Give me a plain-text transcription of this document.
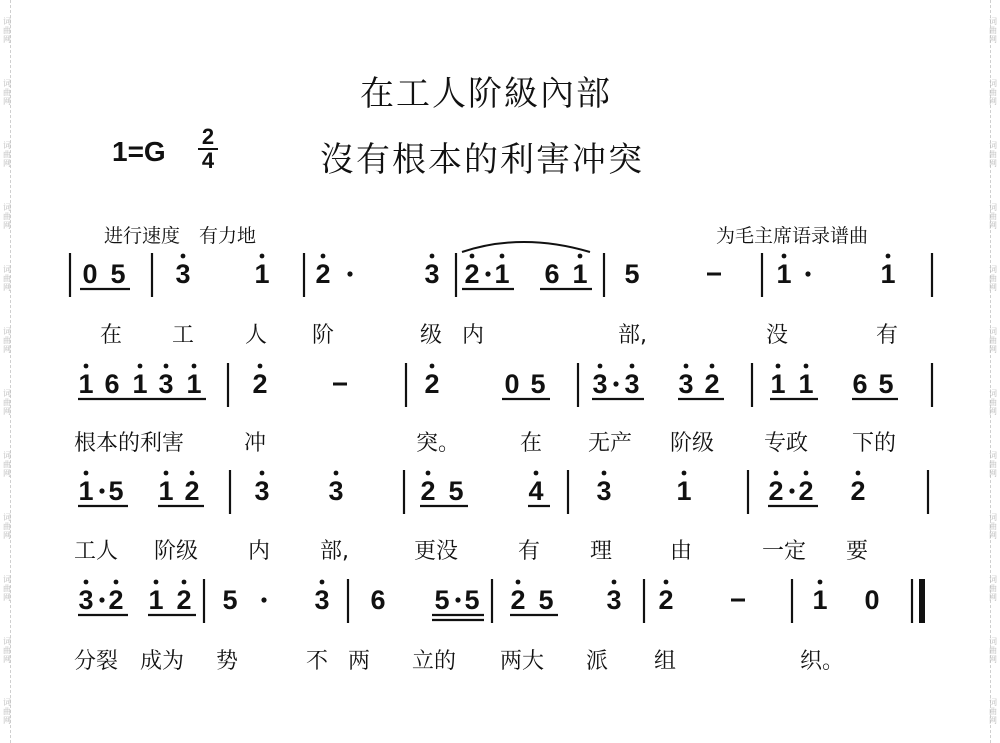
词
曲
网
词
曲
网
词
曲
网
词
曲
网
词
曲
网
词
曲
网
词
曲
网
词
曲
网
词
曲
网
词
曲
网
词
曲
网
词
曲
网
词
曲
网
词
曲
网
词
曲
网
词
曲
网
词
曲
网
词
曲
网
词
曲
网
词
曲
网
词
曲
网
词
曲
网
词
曲
网
词
曲
网
在工人阶級內部
沒有根本的利害冲突
1=G 2
4
进行速度　有力地	为毛主席语录谱曲
0 5 3 1 2	3 2 1 6 1 5	1	1
1 6 1 3 1 2	2 0 5 3 3 3 2 1 1 6 5
1 5 1 2 3 3	2 5 4 3 1	2 2 2
3 2 1 2 5	3 6 5 5 2 5 3 2	1 0
在 工 人 阶	级 内	部,	没	有
根本的利害	冲	突。	在 无产 阶级 专政 下的
工人 阶级 内 部,	更没	有 理	由	一定 要
分裂 成为 势	不 两 立的 两大 派 组	织。
